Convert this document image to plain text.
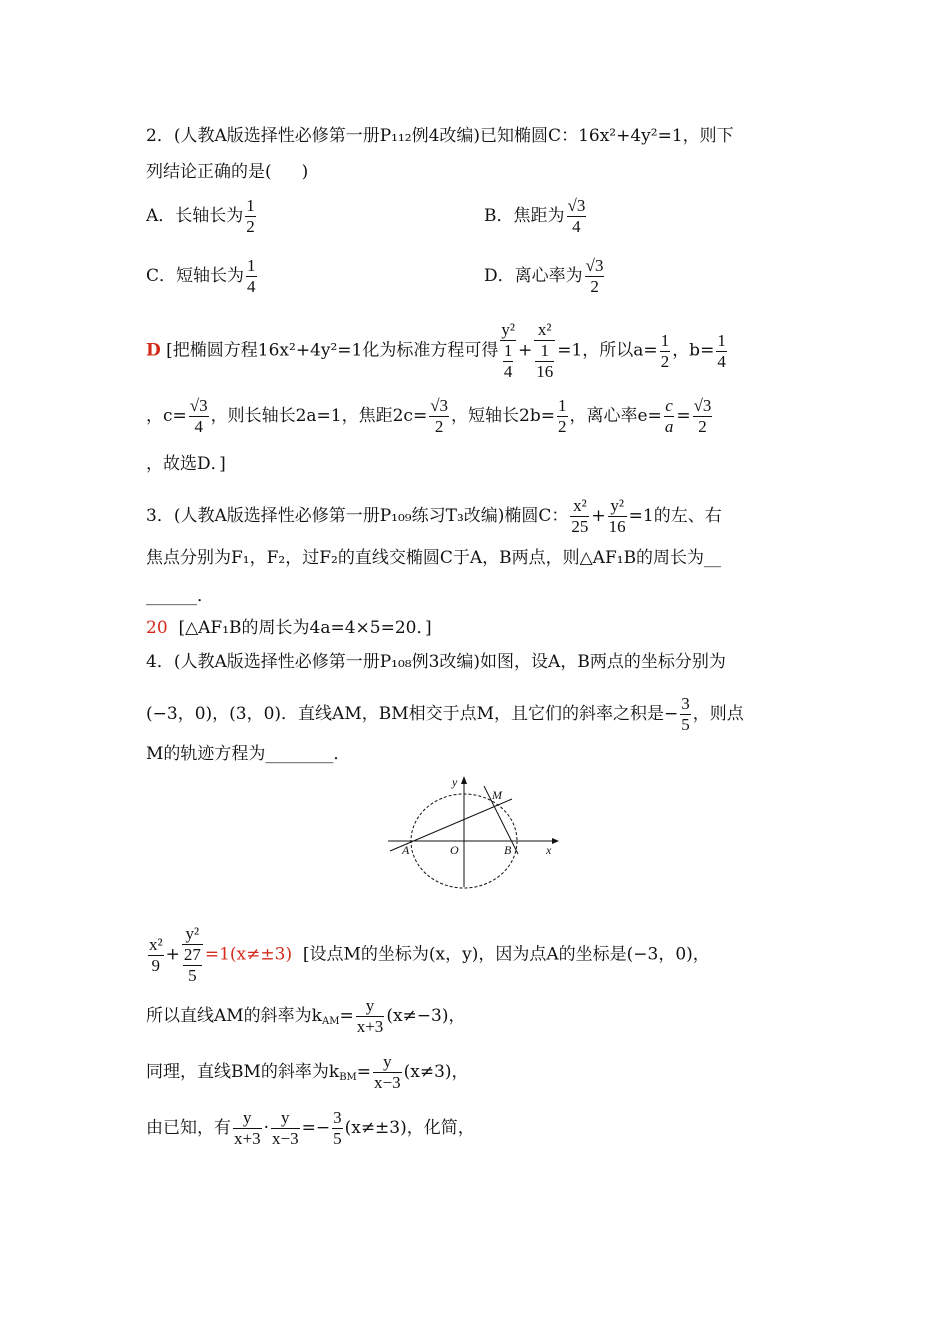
2．(人教A版选择性必修第一册P₁₁₂例4改编)已知椭圆C：16x²+4y²=1，则下
列结论正确的是( )
A．长轴长为 $\frac{1}{2}$	B．焦距为 $\frac{√3}{4}$
C．短轴长为 $\frac{1}{4}$	D．离心率为 $\frac{√3}{2}$
D [把椭圆方程16x²+4y²=1化为标准方程可得 $\frac{\text{y²}}{\frac{1}{4}} + \frac{\text{x²}}{\frac{1}{16}} =1$，所以$a= \frac{1}{2}$ ，$b= \frac{1}{4}$
，$c= \frac{√3}{4}$ ，则长轴长2a=1，焦距$2c= \frac{√3}{2}$ ，短轴长$2b= \frac{1}{2}$ ，离心率$e= \frac{c}{a} = \frac{√3}{2}$
，故选D．]
3．(人教A版选择性必修第一册P₁₀₉练习T₃改编)椭圆C： $\frac{\text{x²}}{25} + \frac{\text{y²}}{16} =1$的左、右
焦点分别为F₁，F₂，过F₂的直线交椭圆C于A，B两点，则△AF₁B的周长为__
______．
20 [△AF₁B的周长为4a=4×5=20．]
4．(人教A版选择性必修第一册P₁₀₈例3改编)如图，设A，B两点的坐标分别为
(−3，0)，(3，0)．直线AM，BM相交于点M，且它们的斜率之积是− $\frac{3}{5}$ ，则点
M的轨迹方程为________．
y
x
M
A	O	B
$\frac{\text{x²}}{9} + \frac{\text{y²}}{\frac{27}{5}} =1(x\ne\pm 3)$ [设点M的坐标为(x，y)，因为点A的坐标是(−3，0)，
所以直线AM的斜率为$k_{AM}= \frac{y}{x+3} (x\ne-3)$，
同理，直线BM的斜率为$k_{BM}= \frac{y}{x-3} (x\ne 3)$，
由已知，有 $\frac{y}{x+3} \cdot \frac{y}{x-3} =- \frac{3}{5} (x\ne\pm 3)$，化简，
